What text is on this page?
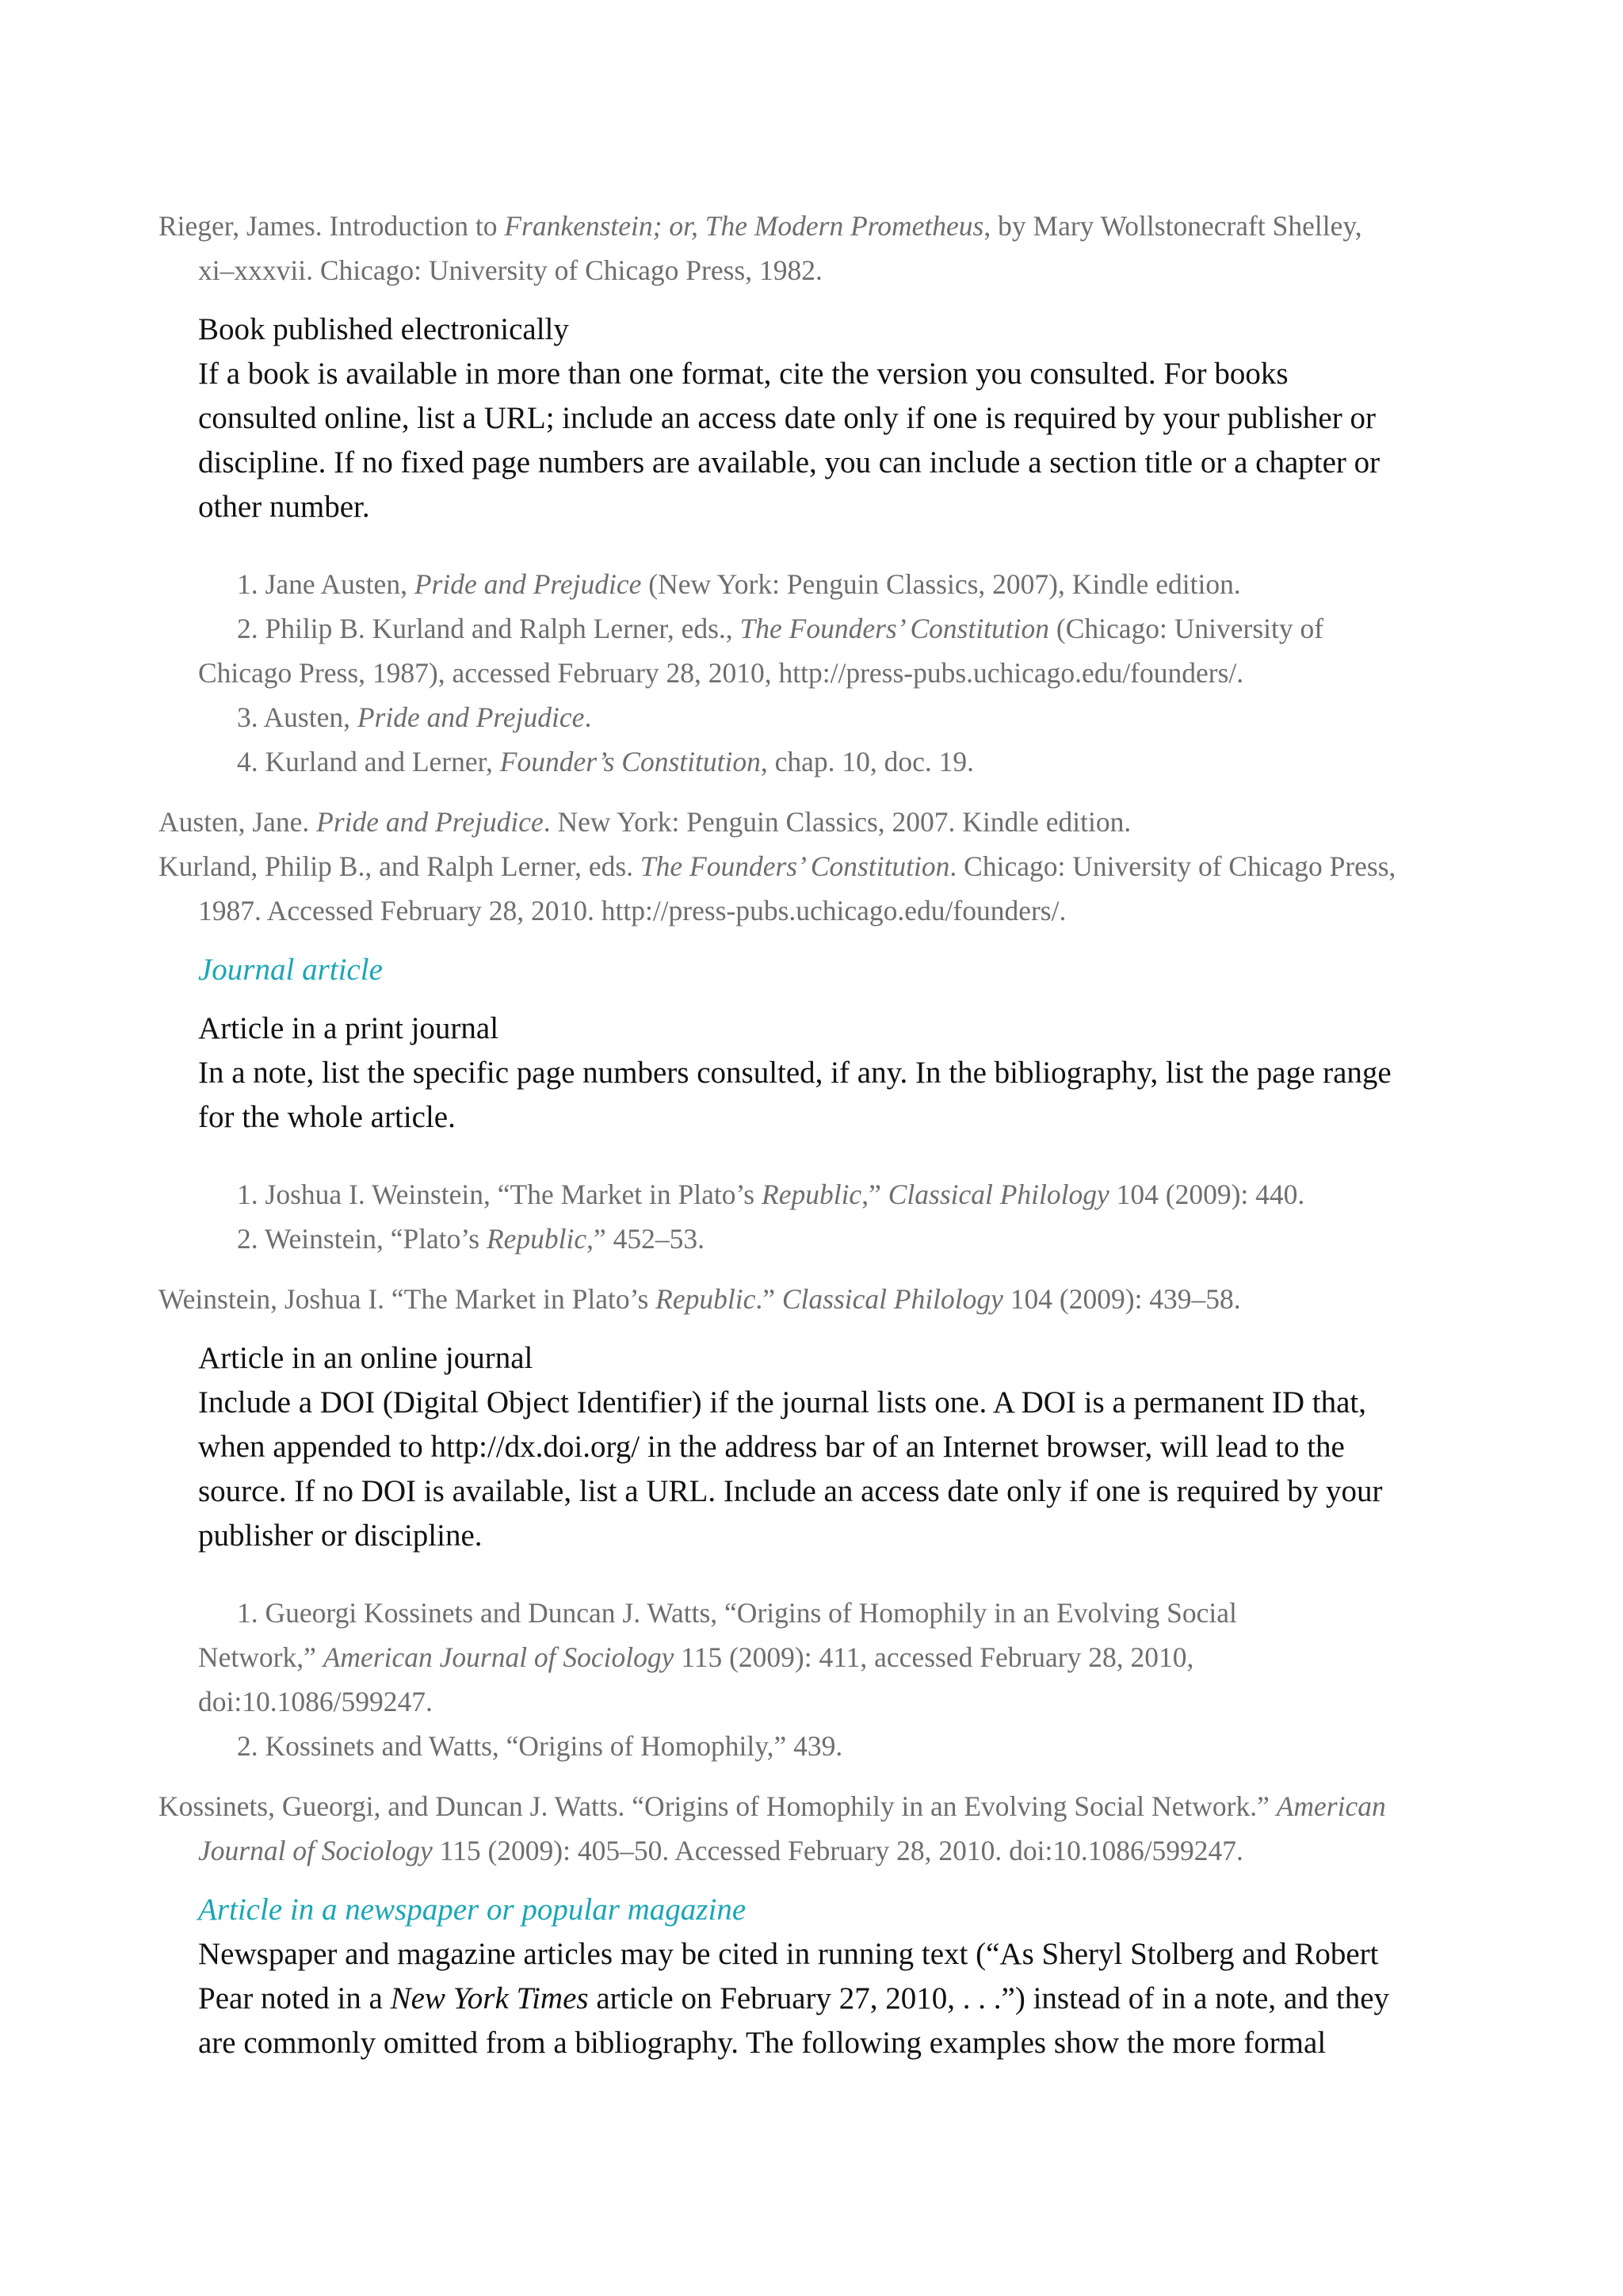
Rieger, James. Introduction to Frankenstein; or, The Modern Prometheus, by Mary Wollstonecraft Shelley,
xi–xxxvii. Chicago: University of Chicago Press, 1982.
Book published electronically
If a book is available in more than one format, cite the version you consulted. For books
consulted online, list a URL; include an access date only if one is required by your publisher or
discipline. If no fixed page numbers are available, you can include a section title or a chapter or
other number.
1. Jane Austen, Pride and Prejudice (New York: Penguin Classics, 2007), Kindle edition.
2. Philip B. Kurland and Ralph Lerner, eds., The Founders’ Constitution (Chicago: University of
Chicago Press, 1987), accessed February 28, 2010, http://press-pubs.uchicago.edu/founders/.
3. Austen, Pride and Prejudice.
4. Kurland and Lerner, Founder’s Constitution, chap. 10, doc. 19.
Austen, Jane. Pride and Prejudice. New York: Penguin Classics, 2007. Kindle edition.
Kurland, Philip B., and Ralph Lerner, eds. The Founders’ Constitution. Chicago: University of Chicago Press,
1987. Accessed February 28, 2010. http://press-pubs.uchicago.edu/founders/.
Journal article
Article in a print journal
In a note, list the specific page numbers consulted, if any. In the bibliography, list the page range
for the whole article.
1. Joshua I. Weinstein, “The Market in Plato’s Republic,” Classical Philology 104 (2009): 440.
2. Weinstein, “Plato’s Republic,” 452–53.
Weinstein, Joshua I. “The Market in Plato’s Republic.” Classical Philology 104 (2009): 439–58.
Article in an online journal
Include a DOI (Digital Object Identifier) if the journal lists one. A DOI is a permanent ID that,
when appended to http://dx.doi.org/ in the address bar of an Internet browser, will lead to the
source. If no DOI is available, list a URL. Include an access date only if one is required by your
publisher or discipline.
1. Gueorgi Kossinets and Duncan J. Watts, “Origins of Homophily in an Evolving Social
Network,” American Journal of Sociology 115 (2009): 411, accessed February 28, 2010,
doi:10.1086/599247.
2. Kossinets and Watts, “Origins of Homophily,” 439.
Kossinets, Gueorgi, and Duncan J. Watts. “Origins of Homophily in an Evolving Social Network.” American
Journal of Sociology 115 (2009): 405–50. Accessed February 28, 2010. doi:10.1086/599247.
Article in a newspaper or popular magazine
Newspaper and magazine articles may be cited in running text (“As Sheryl Stolberg and Robert
Pear noted in a New York Times article on February 27, 2010, . . .”) instead of in a note, and they
are commonly omitted from a bibliography. The following examples show the more formal
